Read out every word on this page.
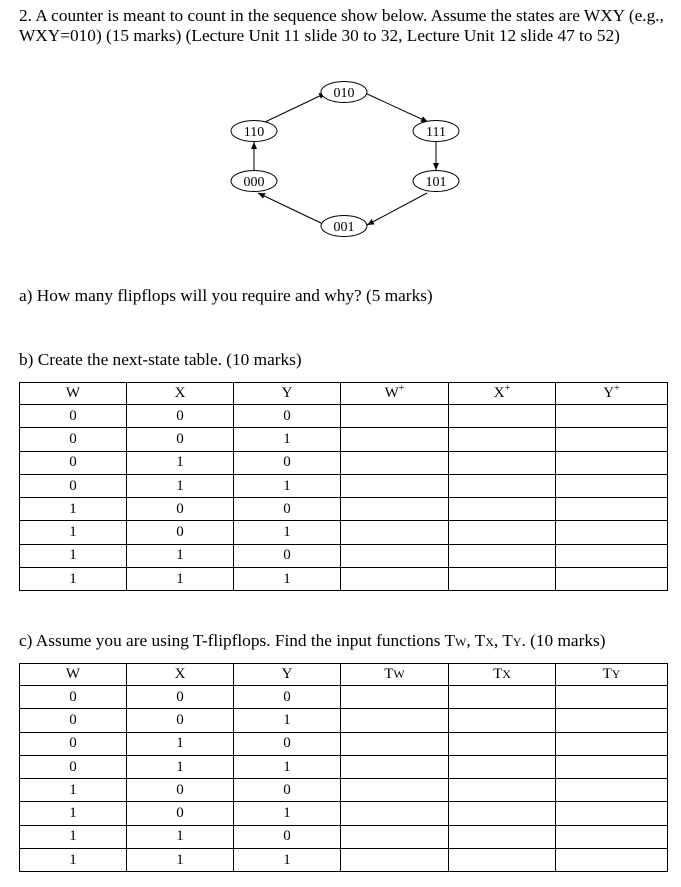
2. A counter is meant to count in the sequence show below. Assume the states are WXY (e.g., WXY=010) (15 marks) (Lecture Unit 11 slide 30 to 32, Lecture Unit 12 slide 47 to 52)
000
110
010
111
101
001
a) How many flipflops will you require and why? (5 marks)
b) Create the next-state table. (10 marks)
W	X	Y	W+	X+	Y+
0	0	0			
0	0	1			
0	1	0			
0	1	1			
1	0	0			
1	0	1			
1	1	0			
1	1	1			
c) Assume you are using T-flipflops. Find the input functions TW, TX, TY. (10 marks)
W	X	Y	TW	TX	TY
0	0	0			
0	0	1			
0	1	0			
0	1	1			
1	0	0			
1	0	1			
1	1	0			
1	1	1			
